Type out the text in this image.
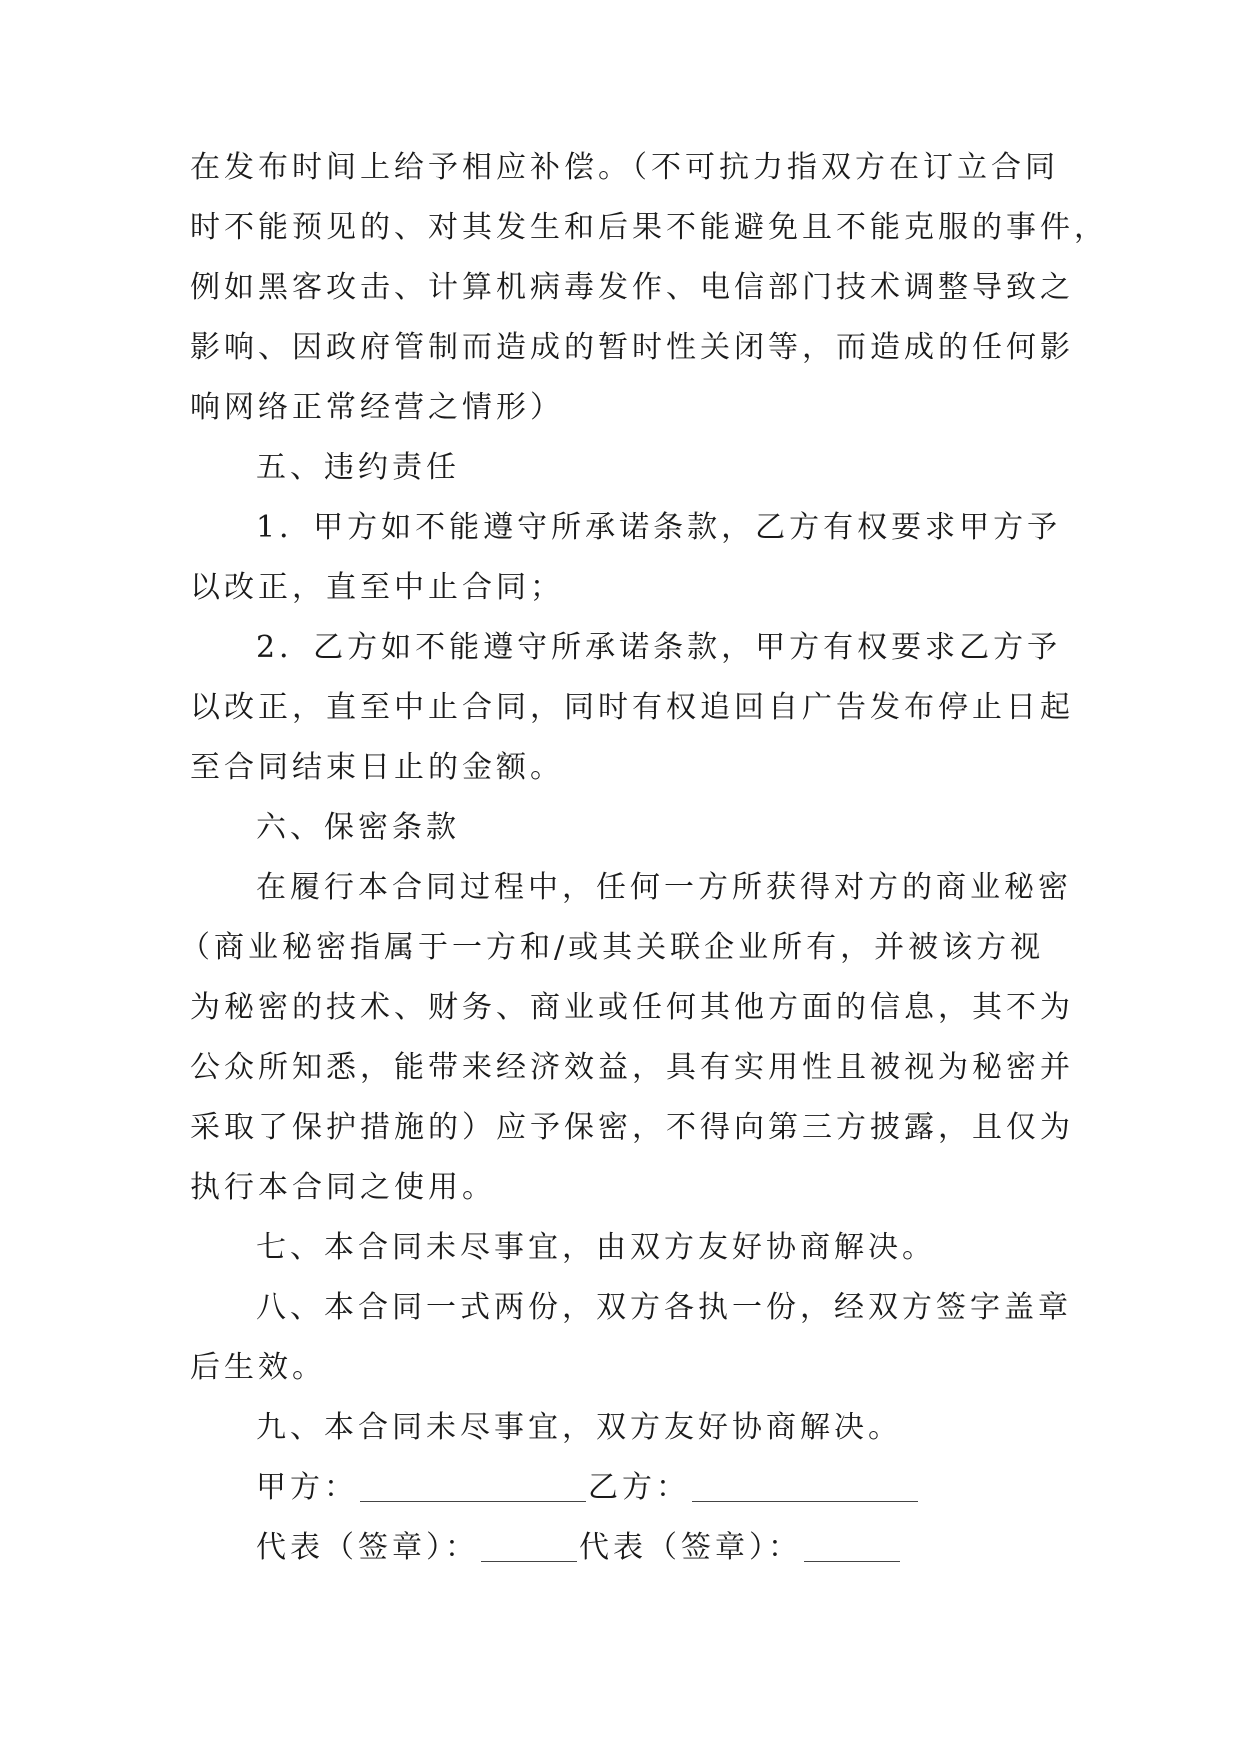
在发布时间上给予相应补偿。（不可抗力指双方在订立合同
时不能预见的、对其发生和后果不能避免且不能克服的事件，
例如黑客攻击、计算机病毒发作、电信部门技术调整导致之
影响、因政府管制而造成的暂时性关闭等，而造成的任何影
响网络正常经营之情形）
五、违约责任
1．甲方如不能遵守所承诺条款，乙方有权要求甲方予
以改正，直至中止合同；
2．乙方如不能遵守所承诺条款，甲方有权要求乙方予
以改正，直至中止合同，同时有权追回自广告发布停止日起
至合同结束日止的金额。
六、保密条款
在履行本合同过程中，任何一方所获得对方的商业秘密
（商业秘密指属于一方和/或其关联企业所有，并被该方视
为秘密的技术、财务、商业或任何其他方面的信息，其不为
公众所知悉，能带来经济效益，具有实用性且被视为秘密并
采取了保护措施的）应予保密，不得向第三方披露，且仅为
执行本合同之使用。
七、本合同未尽事宜，由双方友好协商解决。
八、本合同一式两份，双方各执一份，经双方签字盖章
后生效。
九、本合同未尽事宜，双方友好协商解决。
甲方：	乙方：
代表（签章）：	代表（签章）：
